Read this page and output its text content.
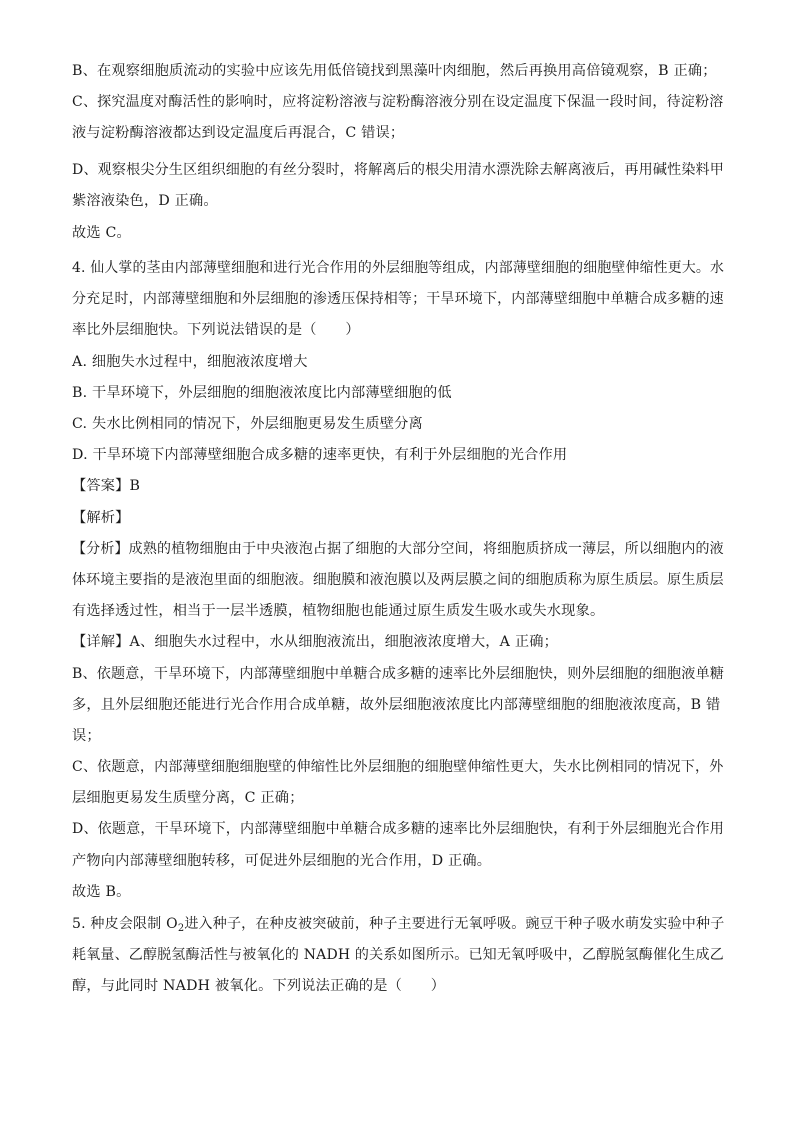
B、在观察细胞质流动的实验中应该先用低倍镜找到黑藻叶肉细胞，然后再换用高倍镜观察，B 正确；
C、探究温度对酶活性的影响时，应将淀粉溶液与淀粉酶溶液分别在设定温度下保温一段时间，待淀粉溶
液与淀粉酶溶液都达到设定温度后再混合，C 错误；
D、观察根尖分生区组织细胞的有丝分裂时，将解离后的根尖用清水漂洗除去解离液后，再用碱性染料甲
紫溶液染色，D 正确。
故选 C。
4. 仙人掌的茎由内部薄壁细胞和进行光合作用的外层细胞等组成，内部薄壁细胞的细胞壁伸缩性更大。水
分充足时，内部薄壁细胞和外层细胞的渗透压保持相等；干旱环境下，内部薄壁细胞中单糖合成多糖的速
率比外层细胞快。下列说法错误的是（　　）
A. 细胞失水过程中，细胞液浓度增大
B. 干旱环境下，外层细胞的细胞液浓度比内部薄壁细胞的低
C. 失水比例相同的情况下，外层细胞更易发生质壁分离
D. 干旱环境下内部薄壁细胞合成多糖的速率更快，有利于外层细胞的光合作用
【答案】B
【解析】
【分析】成熟的植物细胞由于中央液泡占据了细胞的大部分空间，将细胞质挤成一薄层，所以细胞内的液
体环境主要指的是液泡里面的细胞液。细胞膜和液泡膜以及两层膜之间的细胞质称为原生质层。原生质层
有选择透过性，相当于一层半透膜，植物细胞也能通过原生质发生吸水或失水现象。
【详解】A、细胞失水过程中，水从细胞液流出，细胞液浓度增大，A 正确；
B、依题意，干旱环境下，内部薄壁细胞中单糖合成多糖的速率比外层细胞快，则外层细胞的细胞液单糖
多，且外层细胞还能进行光合作用合成单糖，故外层细胞液浓度比内部薄壁细胞的细胞液浓度高，B 错
误；
C、依题意，内部薄壁细胞细胞壁的伸缩性比外层细胞的细胞壁伸缩性更大，失水比例相同的情况下，外
层细胞更易发生质壁分离，C 正确；
D、依题意，干旱环境下，内部薄壁细胞中单糖合成多糖的速率比外层细胞快，有利于外层细胞光合作用
产物向内部薄壁细胞转移，可促进外层细胞的光合作用，D 正确。
故选 B。
5. 种皮会限制 $O_2$进入种子，在种皮被突破前，种子主要进行无氧呼吸。豌豆干种子吸水萌发实验中种子
耗氧量、乙醇脱氢酶活性与被氧化的 NADH 的关系如图所示。已知无氧呼吸中，乙醇脱氢酶催化生成乙
醇，与此同时 NADH 被氧化。下列说法正确的是（　　）
